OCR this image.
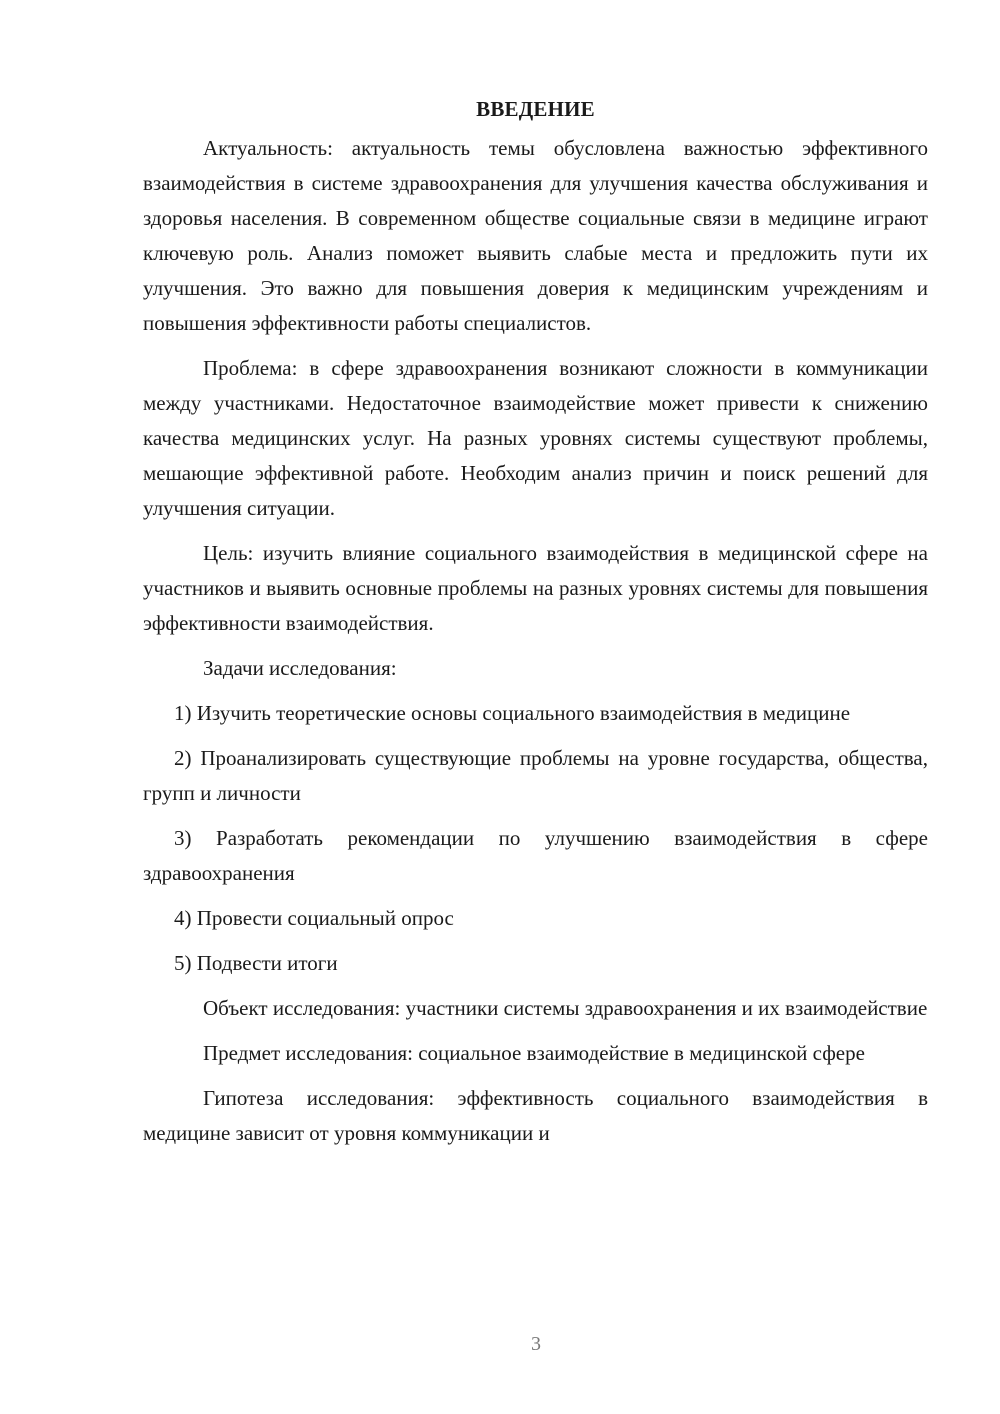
ВВЕДЕНИЕ

Актуальность: актуальность темы обусловлена важностью эффективного взаимодействия в системе здравоохранения для улучшения качества обслуживания и здоровья населения. В современном обществе социальные связи в медицине играют ключевую роль. Анализ поможет выявить слабые места и предложить пути их улучшения. Это важно для повышения доверия к медицинским учреждениям и повышения эффективности работы специалистов.

Проблема: в сфере здравоохранения возникают сложности в коммуникации между участниками. Недостаточное взаимодействие может привести к снижению качества медицинских услуг. На разных уровнях системы существуют проблемы, мешающие эффективной работе. Необходим анализ причин и поиск решений для улучшения ситуации.

Цель: изучить влияние социального взаимодействия в медицинской сфере на участников и выявить основные проблемы на разных уровнях системы для повышения эффективности взаимодействия.

Задачи исследования:

1) Изучить теоретические основы социального взаимодействия в медицине

2) Проанализировать существующие проблемы на уровне государства, общества, групп и личности

3) Разработать рекомендации по улучшению взаимодействия в сфере здравоохранения

4) Провести социальный опрос

5) Подвести итоги

Объект исследования: участники системы здравоохранения и их взаимодействие

Предмет исследования: социальное взаимодействие в медицинской сфере

Гипотеза исследования: эффективность социального взаимодействия в медицине зависит от уровня коммуникации и

3
